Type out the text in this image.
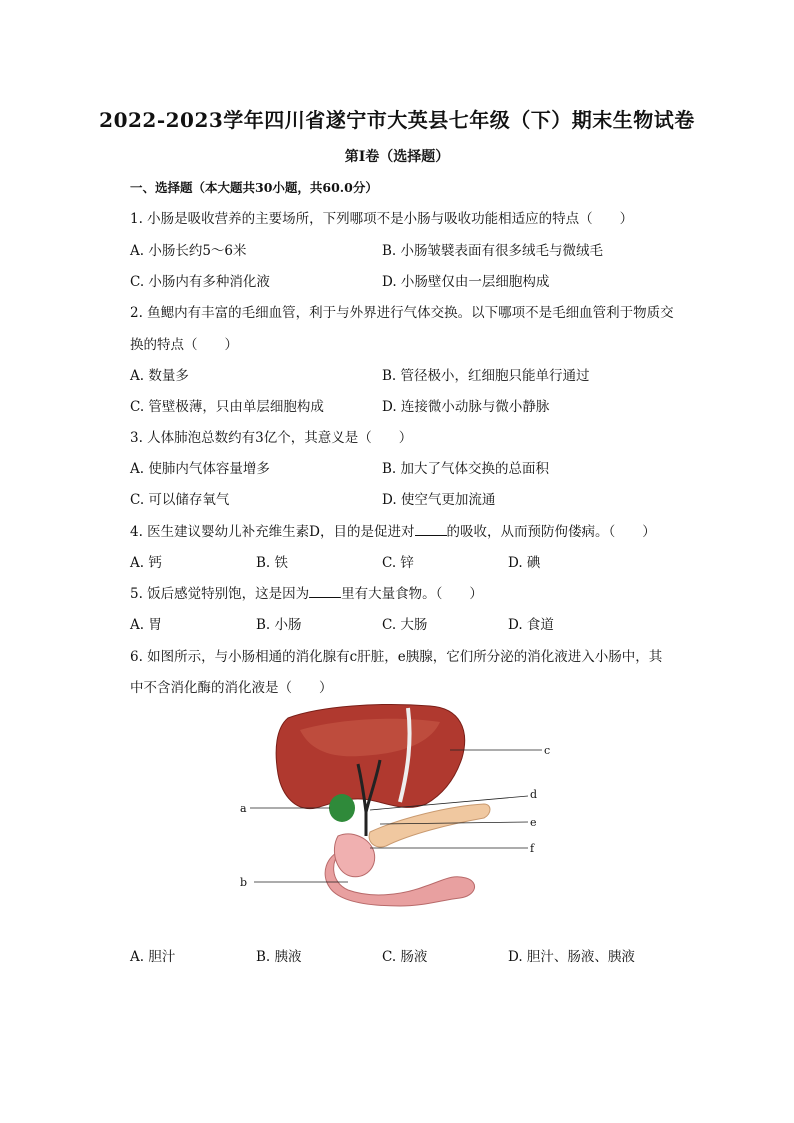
2022-2023学年四川省遂宁市大英县七年级（下）期末生物试卷
第I卷（选择题）
一、选择题（本大题共30小题，共60.0分）
1. 小肠是吸收营养的主要场所，下列哪项不是小肠与吸收功能相适应的特点（　　）
A. 小肠长约5～6米	B. 小肠皱襞表面有很多绒毛与微绒毛
C. 小肠内有多种消化液	D. 小肠壁仅由一层细胞构成
2. 鱼鳃内有丰富的毛细血管，利于与外界进行气体交换。以下哪项不是毛细血管利于物质交
换的特点（　　）
A. 数量多	B. 管径极小，红细胞只能单行通过
C. 管壁极薄，只由单层细胞构成	D. 连接微小动脉与微小静脉
3. 人体肺泡总数约有3亿个，其意义是（　　）
A. 使肺内气体容量增多	B. 加大了气体交换的总面积
C. 可以储存氧气	D. 使空气更加流通
4. 医生建议婴幼儿补充维生素D，目的是促进对 的吸收，从而预防佝偻病。（　　）
A. 钙	B. 铁	C. 锌	D. 碘
5. 饭后感觉特别饱，这是因为 里有大量食物。（　　）
A. 胃	B. 小肠	C. 大肠	D. 食道
6. 如图所示，与小肠相通的消化腺有c肝脏，e胰腺，它们所分泌的消化液进入小肠中，其
中不含消化酶的消化液是（　　）
a
b
c
d
e
f
A. 胆汁	B. 胰液	C. 肠液	D. 胆汁、肠液、胰液
